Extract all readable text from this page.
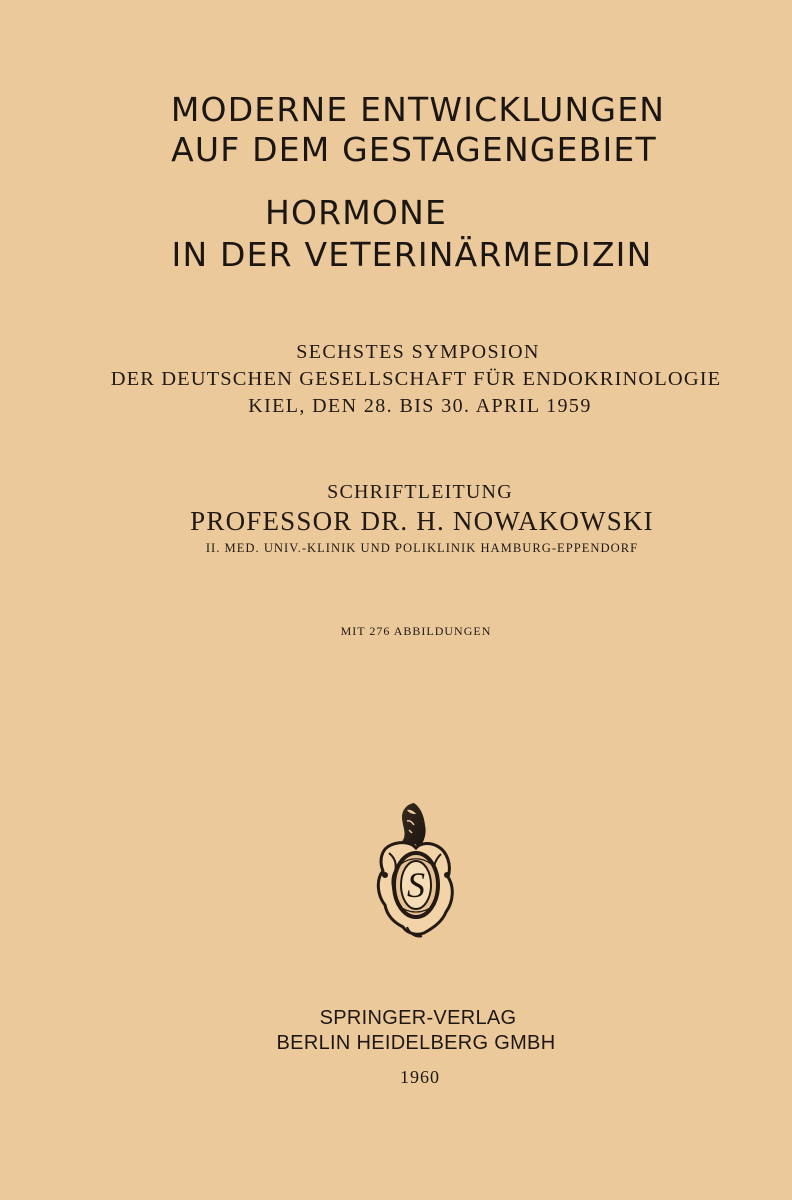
MODERNE ENTWICKLUNGEN
AUF DEM GESTAGENGEBIET
HORMONE
IN DER VETERINÄRMEDIZIN
SECHSTES SYMPOSION
DER DEUTSCHEN GESELLSCHAFT FÜR ENDOKRINOLOGIE
KIEL, DEN 28. BIS 30. APRIL 1959
SCHRIFTLEITUNG
PROFESSOR DR. H. NOWAKOWSKI
II. MED. UNIV.-KLINIK UND POLIKLINIK HAMBURG-EPPENDORF
MIT 276 ABBILDUNGEN
S
SPRINGER-VERLAG
BERLIN HEIDELBERG GMBH
1960
